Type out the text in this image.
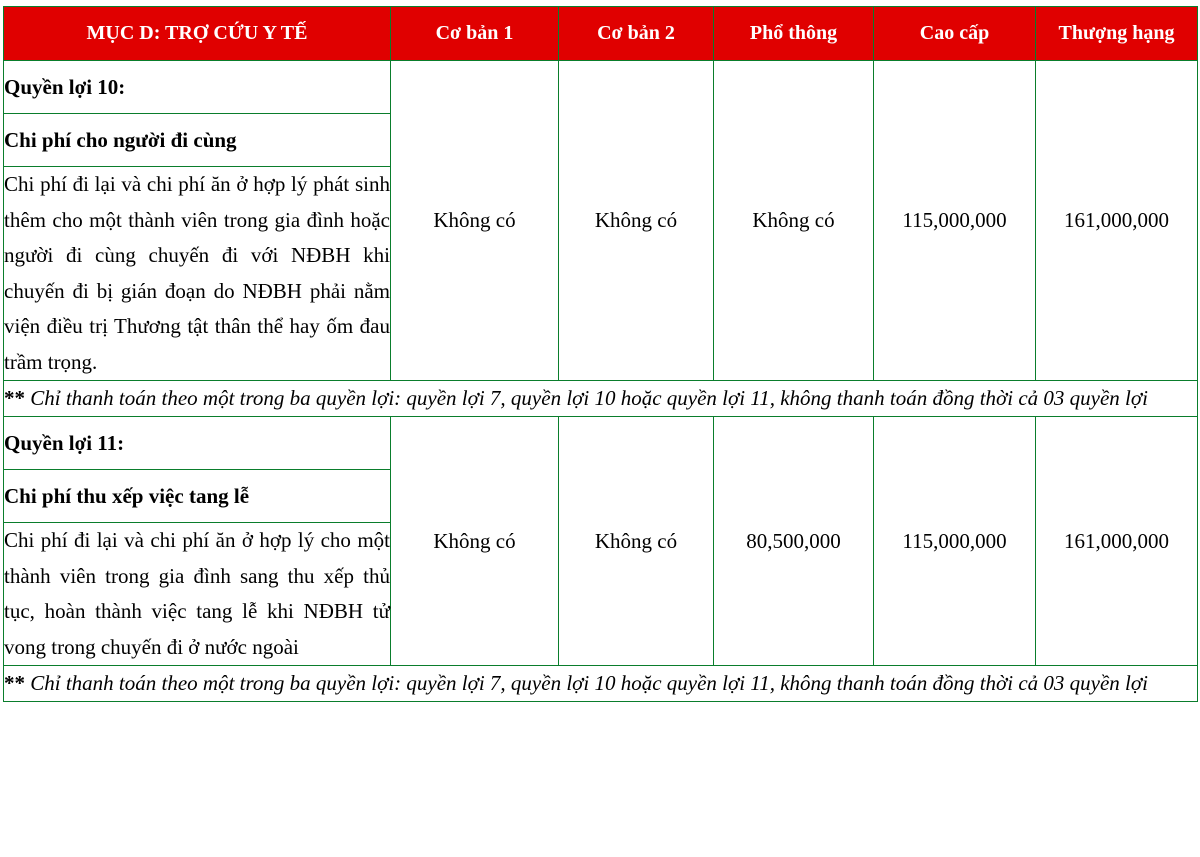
MỤC D: TRỢ CỨU Y TẾ	Cơ bản 1	Cơ bản 2	Phổ thông	Cao cấp	Thượng hạng
Quyền lợi 10:	Không có	Không có	Không có	115,000,000	161,000,000
Chi phí cho người đi cùng					
Chi phí đi lại và chi phí ăn ở hợp lý phát sinh thêm cho một thành viên trong gia đình hoặc người đi cùng chuyến đi với NĐBH khi chuyến đi bị gián đoạn do NĐBH phải nằm viện điều trị Thương tật thân thể hay ốm đau trầm trọng.					
** Chỉ thanh toán theo một trong ba quyền lợi: quyền lợi 7, quyền lợi 10 hoặc quyền lợi 11, không thanh toán đồng thời cả 03 quyền lợi					
Quyền lợi 11:	Không có	Không có	80,500,000	115,000,000	161,000,000
Chi phí thu xếp việc tang lễ					
Chi phí đi lại và chi phí ăn ở hợp lý cho một thành viên trong gia đình sang thu xếp thủ tục, hoàn thành việc tang lễ khi NĐBH tử vong trong chuyến đi ở nước ngoài					
** Chỉ thanh toán theo một trong ba quyền lợi: quyền lợi 7, quyền lợi 10 hoặc quyền lợi 11, không thanh toán đồng thời cả 03 quyền lợi					
